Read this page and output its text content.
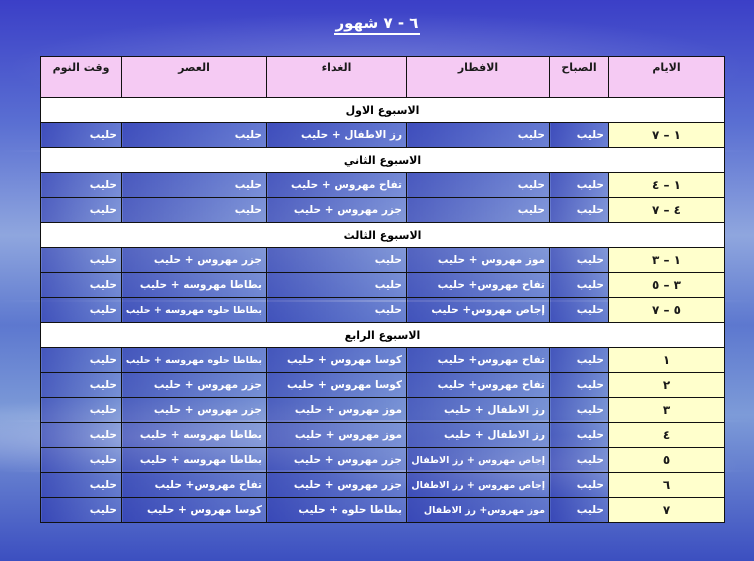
٦ - ٧ شهور
الايام	الصباح	الافطار	الغداء	العصر	وقت النوم
الاسبوع الاول					
١ – ٧	حليب	حليب	رز الاطفال + حليب	حليب	حليب
الاسبوع الثاني					
١ – ٤	حليب	حليب	تفاح مهروس + حليب	حليب	حليب
٤ – ٧	حليب	حليب	جزر مهروس + حليب	حليب	حليب
الاسبوع الثالث					
١ – ٣	حليب	موز مهروس + حليب	حليب	جزر مهروس + حليب	حليب
٣ – ٥	حليب	تفاح مهروس+ حليب	حليب	بطاطا مهروسه + حليب	حليب
٥ – ٧	حليب	إجاص مهروس+ حليب	حليب	بطاطا حلوه مهروسه + حليب	حليب
الاسبوع الرابع					
١	حليب	تفاح مهروس+ حليب	كوسا مهروس + حليب	بطاطا حلوه مهروسه + حليب	حليب
٢	حليب	تفاح مهروس+ حليب	كوسا مهروس + حليب	جزر مهروس + حليب	حليب
٣	حليب	رز الاطفال + حليب	موز مهروس + حليب	جزر مهروس + حليب	حليب
٤	حليب	رز الاطفال + حليب	موز مهروس + حليب	بطاطا مهروسه + حليب	حليب
٥	حليب	إجاص مهروس + رز الاطفال	جزر مهروس + حليب	بطاطا مهروسه + حليب	حليب
٦	حليب	إجاص مهروس + رز الاطفال	جزر مهروس + حليب	تفاح مهروس+ حليب	حليب
٧	حليب	موز مهروس+ رز الاطفال	بطاطا حلوه + حليب	كوسا مهروس + حليب	حليب
